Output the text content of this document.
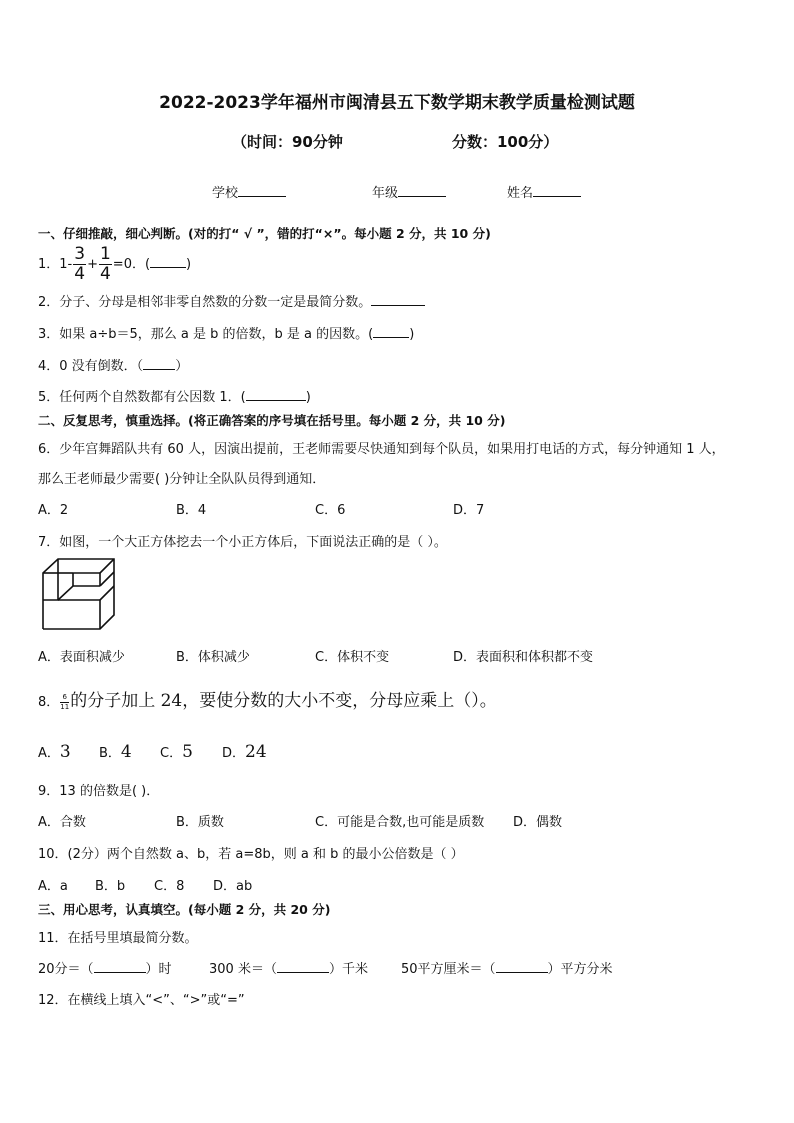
2022-2023学年福州市闽清县五下数学期末教学质量检测试题
（时间：90分钟	分数：100分）
学校	年级	姓名
一、仔细推敲，细心判断。(对的打“ √ ”，错的打“×”。每小题 2 分，共 10 分)
1．$1- \frac{3}{4} + \frac{1}{4} =0$．(	)
2．分子、分母是相邻非零自然数的分数一定是最简分数。
3．如果 a÷b＝5，那么 a 是 b 的倍数，b 是 a 的因数。(	)
4．0 没有倒数．（ ）
5．任何两个自然数都有公因数 1．(	)
二、反复思考，慎重选择。(将正确答案的序号填在括号里。每小题 2 分，共 10 分)
6．少年宫舞蹈队共有 60 人，因演出提前，王老师需要尽快通知到每个队员，如果用打电话的方式，每分钟通知 1 人，
那么王老师最少需要( )分钟让全队队员得到通知．
A．2	B．4	C．6	D．7
7．如图，一个大正方体挖去一个小正方体后，下面说法正确的是（ ）。
A．表面积减少	B．体积减少	C．体积不变	D．表面积和体积都不变
8． $\frac{6}{11}$ 的分子加上 24，要使分数的大小不变，分母应乘上（）。
A．3 B．4 C．5 D．24
9．13 的倍数是( )．
A．合数	B．质数	C．可能是合数,也可能是质数 D．偶数
10．(2分）两个自然数 a、b，若 a=8b，则 a 和 b 的最小公倍数是（ ）
A．a B．b C．8 D．ab
三、用心思考，认真填空。(每小题 2 分，共 20 分)
11．在括号里填最简分数。
20分＝（	）时	300 米＝（	）千米	50平方厘米＝（	）平方分米
12．在横线上填入“<”、“>”或“=”
